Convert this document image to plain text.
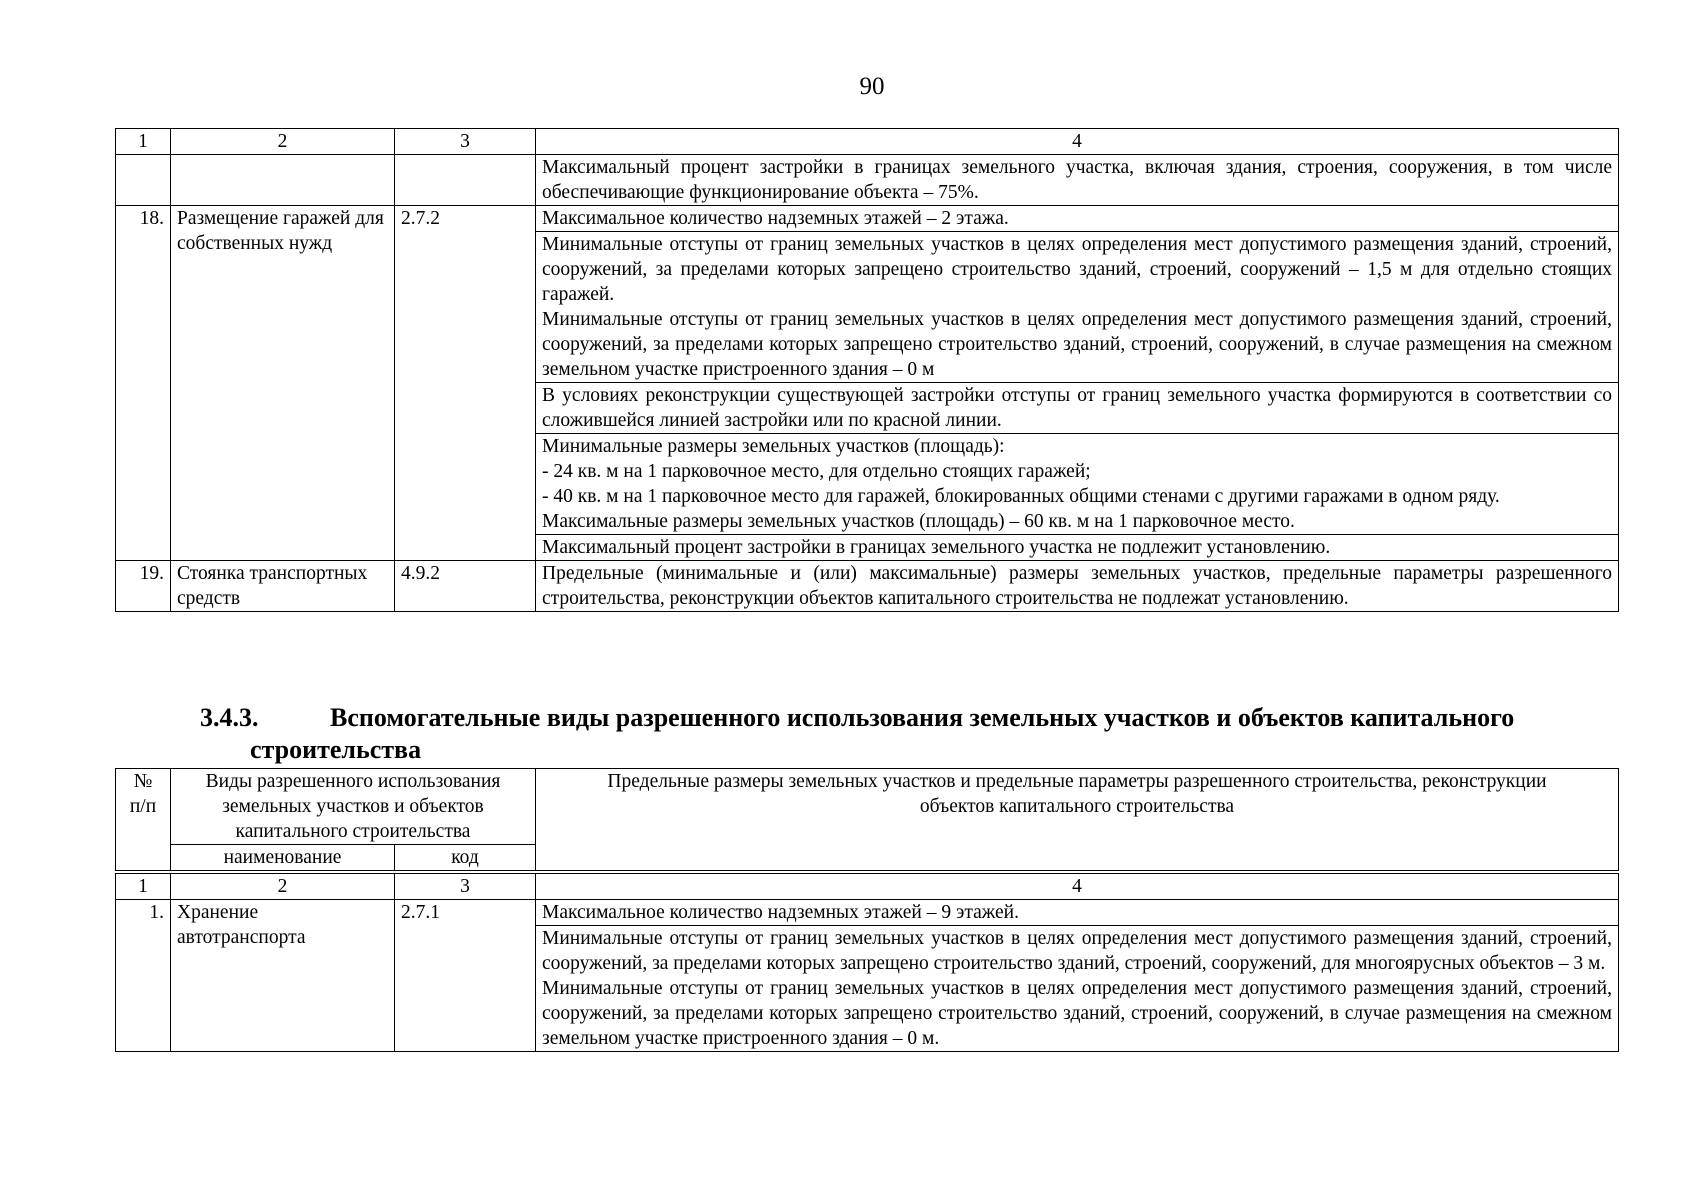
90
1	2	3	4
			Максимальный процент застройки в границах земельного участка, включая здания, строения, сооружения, в том числе обеспечивающие функционирование объекта – 75%.
18.	Размещение гаражей для собственных нужд	2.7.2	Максимальное количество надземных этажей – 2 этажа.

			Минимальные отступы от границ земельных участков в целях определения мест допустимого размещения зданий, строений, сооружений, за пределами которых запрещено строительство зданий, строений, сооружений – 1,5 м для отдельно стоящих гаражей.
Минимальные отступы от границ земельных участков в целях определения мест допустимого размещения зданий, строений, сооружений, за пределами которых запрещено строительство зданий, строений, сооружений, в случае размещения на смежном земельном участке пристроенного здания – 0 м

			В условиях реконструкции существующей застройки отступы от границ земельного участка формируются в соответствии со сложившейся линией застройки или по красной линии.

			Минимальные размеры земельных участков (площадь):
- 24 кв. м на 1 парковочное место, для отдельно стоящих гаражей;
- 40 кв. м на 1 парковочное место для гаражей, блокированных общими стенами с другими гаражами в одном ряду.
Максимальные размеры земельных участков (площадь) – 60 кв. м на 1 парковочное место.

			Максимальный процент застройки в границах земельного участка не подлежит установлению.

19.	Стоянка транспортных средств	4.9.2	Предельные (минимальные и (или) максимальные) размеры земельных участков, предельные параметры разрешенного строительства, реконструкции объектов капитального строительства не подлежат установлению.
3.4.3.	Вспомогательные виды разрешенного использования земельных участков и объектов капитального
строительства
№
п/п	Виды разрешенного использования земельных участков и объектов капитального строительства		Предельные размеры земельных участков и предельные параметры разрешенного строительства, реконструкции объектов капитального строительства
	наименование	код	
1	2	3	4
1.	Хранение автотранспорта	2.7.1	Максимальное количество надземных этажей – 9 этажей.

			Минимальные отступы от границ земельных участков в целях определения мест допустимого размещения зданий, строений, сооружений, за пределами которых запрещено строительство зданий, строений, сооружений, для многоярусных объектов – 3 м.
Минимальные отступы от границ земельных участков в целях определения мест допустимого размещения зданий, строений, сооружений, за пределами которых запрещено строительство зданий, строений, сооружений, в случае размещения на смежном земельном участке пристроенного здания – 0 м.
